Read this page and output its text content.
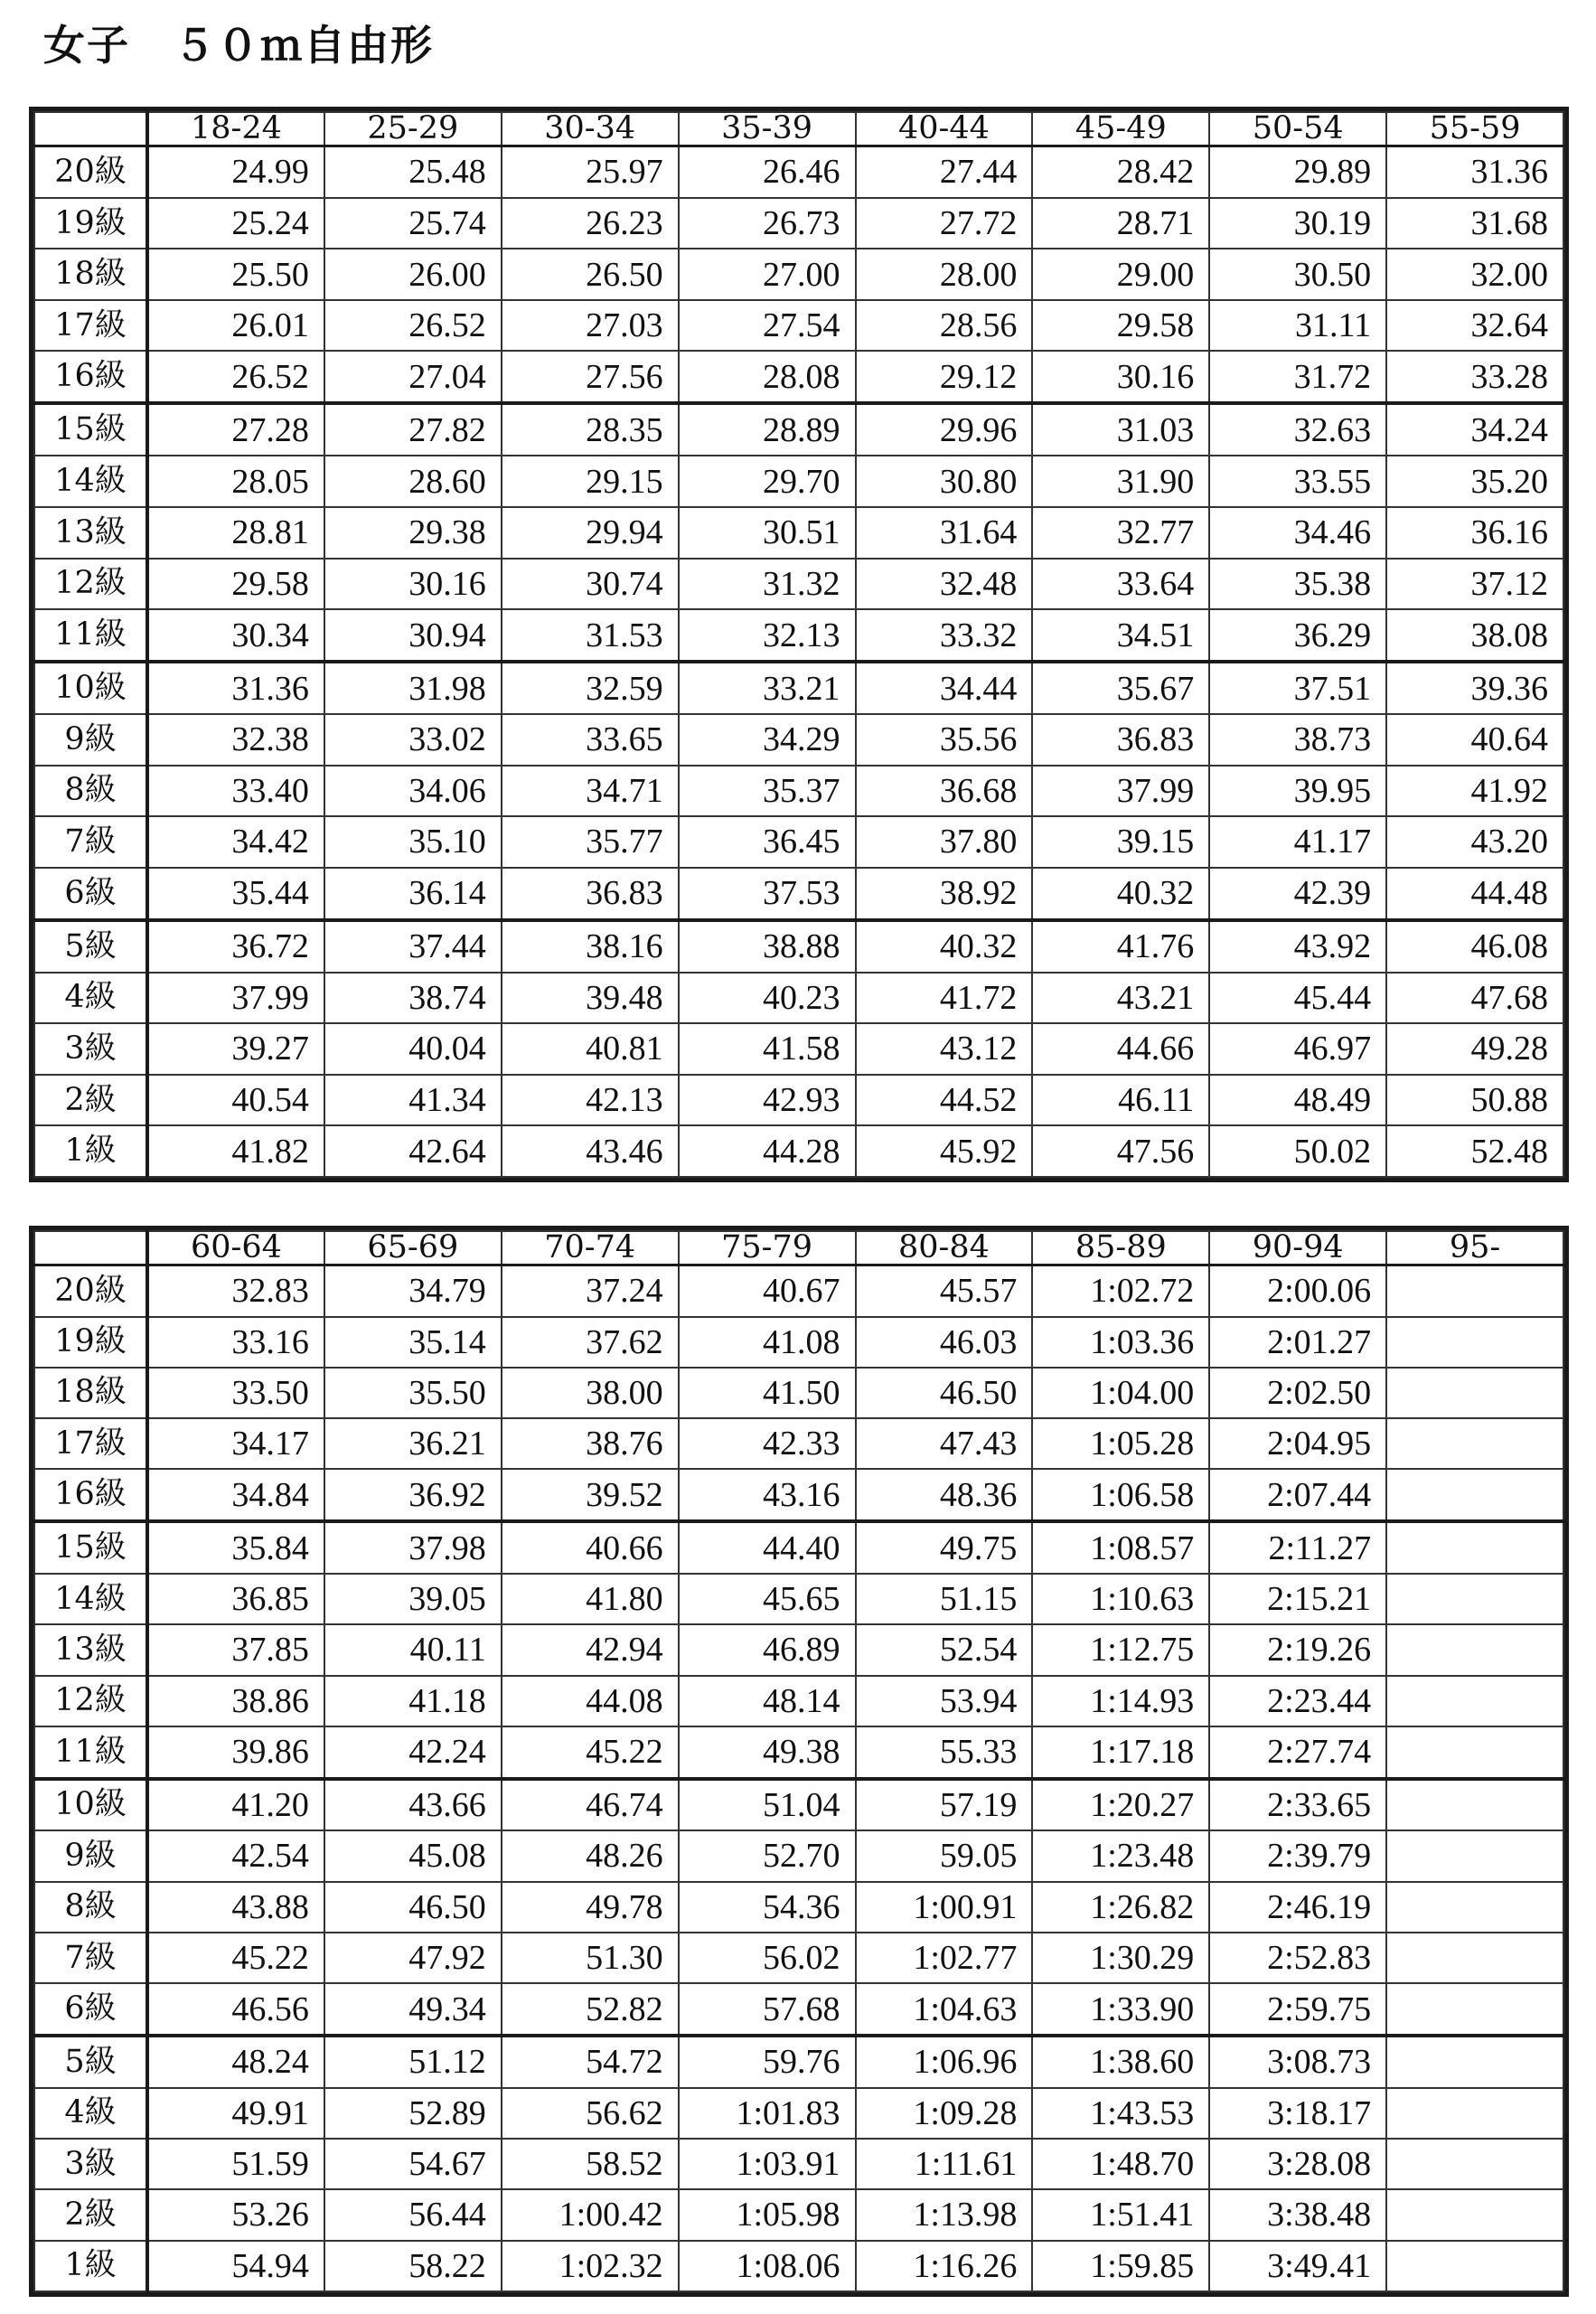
女子　５０ｍ自由形
	18-24	25-29	30-34	35-39	40-44	45-49	50-54	55-59
20級	24.99	25.48	25.97	26.46	27.44	28.42	29.89	31.36
19級	25.24	25.74	26.23	26.73	27.72	28.71	30.19	31.68
18級	25.50	26.00	26.50	27.00	28.00	29.00	30.50	32.00
17級	26.01	26.52	27.03	27.54	28.56	29.58	31.11	32.64
16級	26.52	27.04	27.56	28.08	29.12	30.16	31.72	33.28
15級	27.28	27.82	28.35	28.89	29.96	31.03	32.63	34.24
14級	28.05	28.60	29.15	29.70	30.80	31.90	33.55	35.20
13級	28.81	29.38	29.94	30.51	31.64	32.77	34.46	36.16
12級	29.58	30.16	30.74	31.32	32.48	33.64	35.38	37.12
11級	30.34	30.94	31.53	32.13	33.32	34.51	36.29	38.08
10級	31.36	31.98	32.59	33.21	34.44	35.67	37.51	39.36
9級	32.38	33.02	33.65	34.29	35.56	36.83	38.73	40.64
8級	33.40	34.06	34.71	35.37	36.68	37.99	39.95	41.92
7級	34.42	35.10	35.77	36.45	37.80	39.15	41.17	43.20
6級	35.44	36.14	36.83	37.53	38.92	40.32	42.39	44.48
5級	36.72	37.44	38.16	38.88	40.32	41.76	43.92	46.08
4級	37.99	38.74	39.48	40.23	41.72	43.21	45.44	47.68
3級	39.27	40.04	40.81	41.58	43.12	44.66	46.97	49.28
2級	40.54	41.34	42.13	42.93	44.52	46.11	48.49	50.88
1級	41.82	42.64	43.46	44.28	45.92	47.56	50.02	52.48
	60-64	65-69	70-74	75-79	80-84	85-89	90-94	95-
20級	32.83	34.79	37.24	40.67	45.57	1:02.72	2:00.06	
19級	33.16	35.14	37.62	41.08	46.03	1:03.36	2:01.27	
18級	33.50	35.50	38.00	41.50	46.50	1:04.00	2:02.50	
17級	34.17	36.21	38.76	42.33	47.43	1:05.28	2:04.95	
16級	34.84	36.92	39.52	43.16	48.36	1:06.58	2:07.44	
15級	35.84	37.98	40.66	44.40	49.75	1:08.57	2:11.27	
14級	36.85	39.05	41.80	45.65	51.15	1:10.63	2:15.21	
13級	37.85	40.11	42.94	46.89	52.54	1:12.75	2:19.26	
12級	38.86	41.18	44.08	48.14	53.94	1:14.93	2:23.44	
11級	39.86	42.24	45.22	49.38	55.33	1:17.18	2:27.74	
10級	41.20	43.66	46.74	51.04	57.19	1:20.27	2:33.65	
9級	42.54	45.08	48.26	52.70	59.05	1:23.48	2:39.79	
8級	43.88	46.50	49.78	54.36	1:00.91	1:26.82	2:46.19	
7級	45.22	47.92	51.30	56.02	1:02.77	1:30.29	2:52.83	
6級	46.56	49.34	52.82	57.68	1:04.63	1:33.90	2:59.75	
5級	48.24	51.12	54.72	59.76	1:06.96	1:38.60	3:08.73	
4級	49.91	52.89	56.62	1:01.83	1:09.28	1:43.53	3:18.17	
3級	51.59	54.67	58.52	1:03.91	1:11.61	1:48.70	3:28.08	
2級	53.26	56.44	1:00.42	1:05.98	1:13.98	1:51.41	3:38.48	
1級	54.94	58.22	1:02.32	1:08.06	1:16.26	1:59.85	3:49.41	
